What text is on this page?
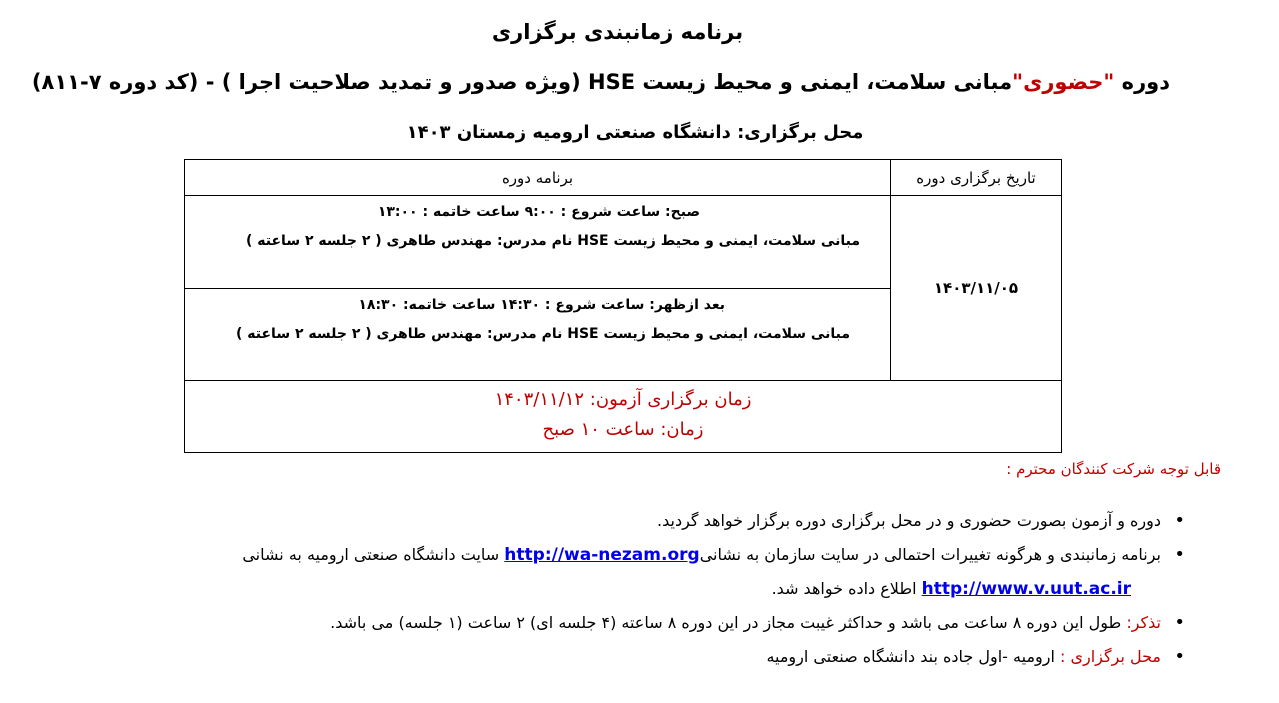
برنامه زمانبندی برگزاری
دوره "حضوری"مبانی سلامت، ایمنی و محیط زیست HSE (ویژه صدور و تمدید صلاحیت اجرا ) - (کد دوره ۷-۸۱۱)
محل برگزاری: دانشگاه صنعتی ارومیه زمستان ۱۴۰۳
تاریخ برگزاری دوره	برنامه دوره
۱۴۰۳/۱۱/۰۵	صبح: ساعت شروع : ۹:۰۰ ساعت خاتمه : ۱۳:۰۰
مبانی سلامت، ایمنی و محیط زیست HSE نام مدرس: مهندس طاهری ( ۲ جلسه ۲ ساعته )

	بعد ازظهر: ساعت شروع : ۱۴:۳۰ ساعت خاتمه: ۱۸:۳۰
مبانی سلامت، ایمنی و محیط زیست HSE نام مدرس: مهندس طاهری ( ۲ جلسه ۲ ساعته )

زمان برگزاری آزمون: ۱۴۰۳/۱۱/۱۲
زمان: ساعت ۱۰ صبح	
قابل توجه شرکت کنندگان محترم :
• دوره و آزمون بصورت حضوری و در محل برگزاری دوره برگزار خواهد گردید.
• برنامه زمانبندی و هرگونه تغییرات احتمالی در سایت سازمان به نشانیhttp://wa-nezam.org سایت دانشگاه صنعتی ارومیه به نشانی
http://www.v.uut.ac.ir اطلاع داده خواهد شد.
• تذکر: طول این دوره ۸ ساعت می باشد و حداکثر غیبت مجاز در این دوره ۸ ساعته (۴ جلسه ای) ۲ ساعت (۱ جلسه) می باشد.
• محل برگزاری : ارومیه -اول جاده بند دانشگاه صنعتی ارومیه
